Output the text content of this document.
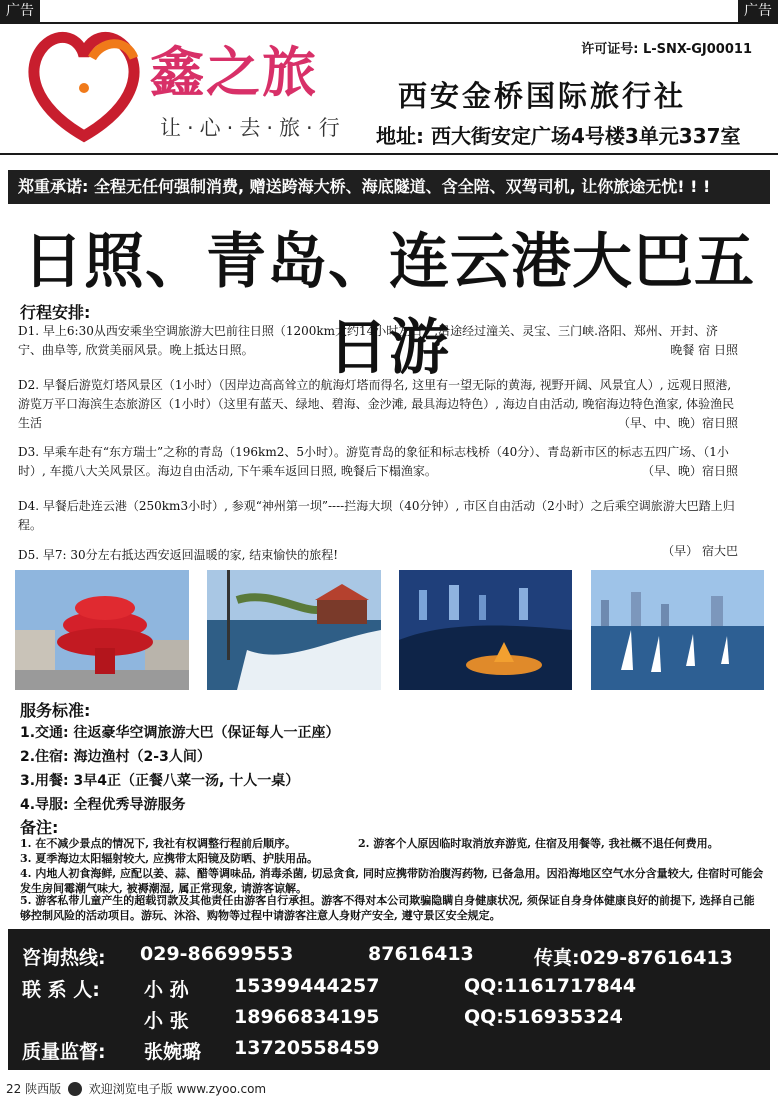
广告	广告
鑫之旅
让·心·去·旅·行
许可证号: L-SNX-GJ00011
西安金桥国际旅行社
地址: 西大街安定广场4号楼3单元337室
郑重承诺: 全程无任何强制消费, 赠送跨海大桥、海底隧道、含全陪、双驾司机, 让你旅途无忧! ! !
日照、青岛、连云港大巴五日游
行程安排:
D1. 早上6:30从西安乘坐空调旅游大巴前往日照（1200km大约14小时左右）,沿途经过潼关、灵宝、三门峡.洛阳、郑州、开封、济宁、曲阜等, 欣赏美丽风景。晚上抵达日照。	晚餐 宿 日照
D2. 早餐后游览灯塔风景区（1小时）（因岸边高高耸立的航海灯塔而得名, 这里有一望无际的黄海, 视野开阔、风景宜人）, 远观日照港, 游览万平口海滨生态旅游区（1小时）（这里有蓝天、绿地、碧海、金沙滩, 最具海边特色）, 海边自由活动, 晚宿海边特色渔家, 体验渔民生活	（早、中、晚）宿日照
D3. 早乘车赴有“东方瑞士”之称的青岛（196km2、5小时）。游览青岛的象征和标志栈桥（40分）、青岛新市区的标志五四广场、（1小时）, 车揽八大关风景区。海边自由活动, 下午乘车返回日照, 晚餐后下榻渔家。	（早、晚）宿日照
D4. 早餐后赴连云港（250km3小时）, 参观“神州第一坝”----拦海大坝（40分钟）, 市区自由活动（2小时）之后乘空调旅游大巴踏上归程。
（早） 宿大巴
D5. 早7: 30分左右抵达西安返回温暖的家, 结束愉快的旅程!
服务标准:
1.交通: 往返豪华空调旅游大巴（保证每人一正座）
2.住宿: 海边渔村（2-3人间）
3.用餐: 3早4正（正餐八菜一汤, 十人一桌）
4.导服: 全程优秀导游服务
备注:
1. 在不减少景点的情况下, 我社有权调整行程前后顺序。	2. 游客个人原因临时取消放弃游览, 住宿及用餐等, 我社概不退任何费用。
3. 夏季海边太阳辐射较大, 应携带太阳镜及防晒、护肤用品。
4. 内地人初食海鲜, 应配以姜、蒜、醋等调味品, 消毒杀菌, 切忌贪食, 同时应携带防治腹泻药物, 已备急用。因沿海地区空气水分含量较大, 住宿时可能会发生房间霉潮气味大, 被褥潮湿, 属正常现象, 请游客谅解。
5. 游客私带儿童产生的超载罚款及其他责任由游客自行承担。游客不得对本公司欺骗隐瞒自身健康状况, 须保证自身身体健康良好的前提下, 选择自己能够控制风险的活动项目。游玩、沐浴、购物等过程中请游客注意人身财产安全, 遵守景区安全规定。
咨询热线: 029-86699553	87616413	传真:029-87616413
联 系 人: 小 孙 15399444257	QQ:1161717844
小 张 18966834195	QQ:516935324
质量监督: 张婉璐 13720558459
22 陕西版 欢迎浏览电子版 www.zyoo.com
